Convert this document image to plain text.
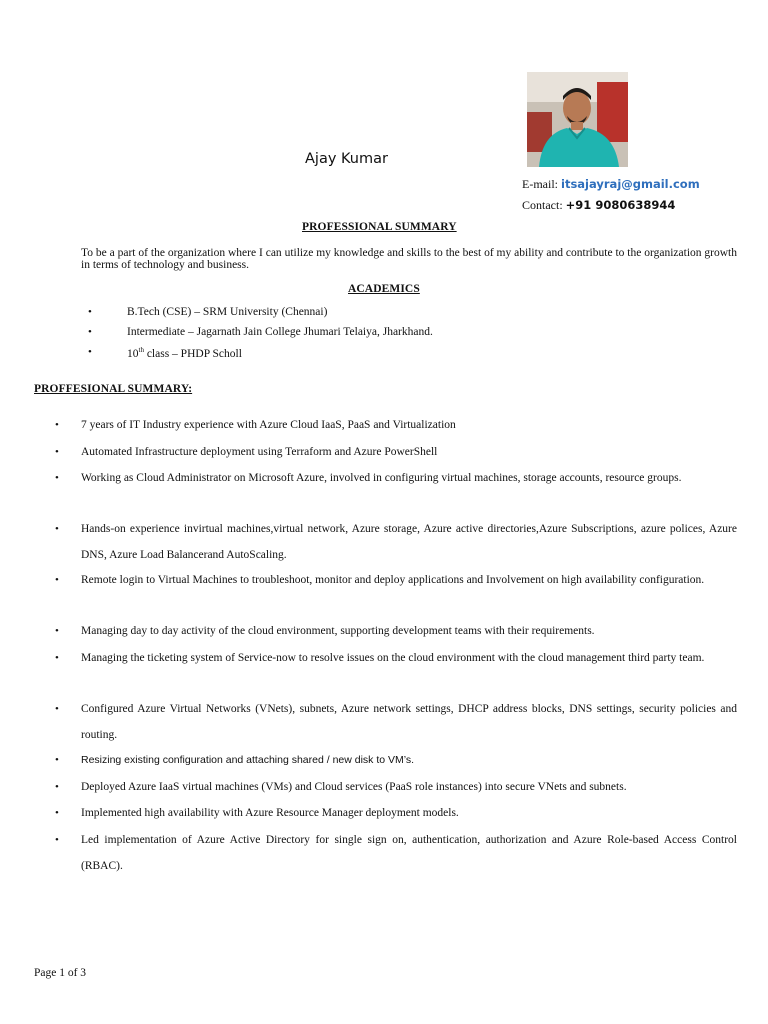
Ajay Kumar
E-mail: itsajayraj@gmail.com
Contact: +91 9080638944
PROFESSIONAL SUMMARY
To be a part of the organization where I can utilize my knowledge and skills to the best of my ability and contribute to the organization growth in terms of technology and business.
ACADEMICS
•	B.Tech (CSE) – SRM University (Chennai)
•	Intermediate – Jagarnath Jain College Jhumari Telaiya, Jharkhand.
•	10th class – PHDP Scholl
PROFFESIONAL SUMMARY:
• 7 years of IT Industry experience with Azure Cloud IaaS, PaaS and Virtualization
• Automated Infrastructure deployment using Terraform and Azure PowerShell
• Working as Cloud Administrator on Microsoft Azure, involved in configuring virtual machines, storage accounts, resource groups.
• Hands-on experience invirtual machines,virtual network, Azure storage, Azure active directories,Azure Subscriptions, azure polices, Azure DNS, Azure Load Balancerand AutoScaling.
• Remote login to Virtual Machines to troubleshoot, monitor and deploy applications and Involvement on high availability configuration.
• Managing day to day activity of the cloud environment, supporting development teams with their requirements.
• Managing the ticketing system of Service-now to resolve issues on the cloud environment with the cloud management third party team.
• Configured Azure Virtual Networks (VNets), subnets, Azure network settings, DHCP address blocks, DNS settings, security policies and routing.
• Resizing existing configuration and attaching shared / new disk to VM’s.
• Deployed Azure IaaS virtual machines (VMs) and Cloud services (PaaS role instances) into secure VNets and subnets.
• Implemented high availability with Azure Resource Manager deployment models.
• Led implementation of Azure Active Directory for single sign on, authentication, authorization and Azure Role-based Access Control (RBAC).
Page 1 of 3
